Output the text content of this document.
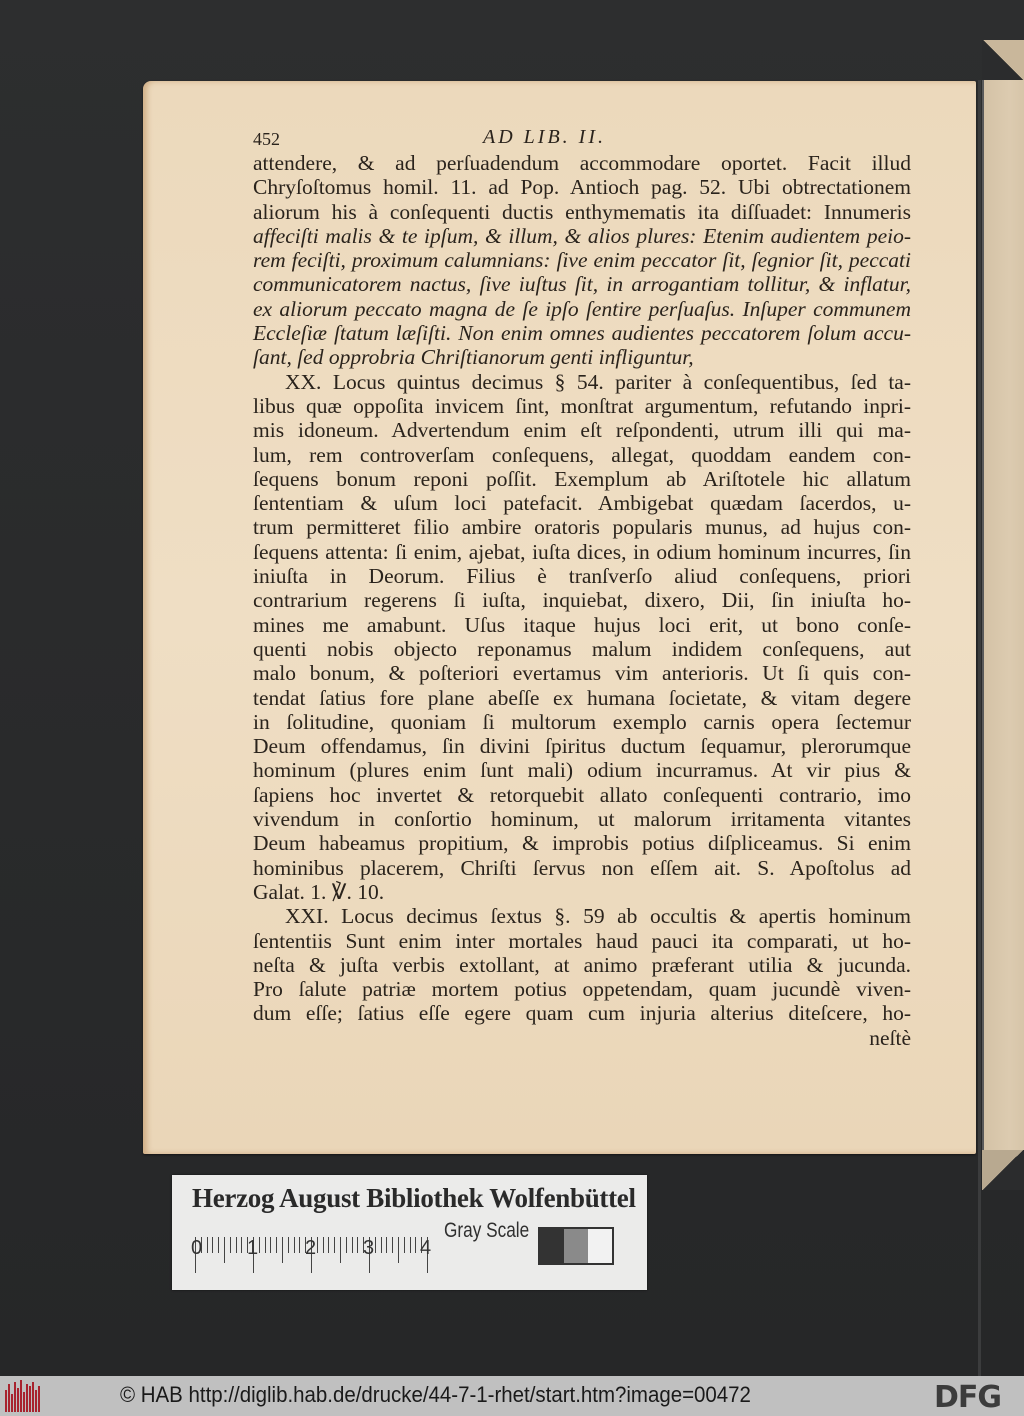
452	AD LIB. II.
attendere, & ad perſuadendum accommodare oportet. Facit illud
Chryſoſtomus homil. 11. ad Pop. Antioch pag. 52. Ubi obtrectationem
aliorum his à conſequenti ductis enthymematis ita diſſuadet: Innumeris
affeciſti malis & te ipſum, & illum, & alios plures: Etenim audientem peio-
rem feciſti, proximum calumnians: ſive enim peccator ſit, ſegnior ſit, peccati
communicatorem nactus, ſive iuſtus ſit, in arrogantiam tollitur, & inflatur,
ex aliorum peccato magna de ſe ipſo ſentire perſuaſus. Inſuper communem
Eccleſiæ ſtatum læſiſti. Non enim omnes audientes peccatorem ſolum accu-
ſant, ſed opprobria Chriſtianorum genti infliguntur,
XX. Locus quintus decimus § 54. pariter à conſequentibus, ſed ta-
libus quæ oppoſita invicem ſint, monſtrat argumentum, refutando inpri-
mis idoneum. Advertendum enim eſt reſpondenti, utrum illi qui ma-
lum, rem controverſam conſequens, allegat, quoddam eandem con-
ſequens bonum reponi poſſit. Exemplum ab Ariſtotele hic allatum
ſententiam & uſum loci patefacit. Ambigebat quædam ſacerdos, u-
trum permitteret filio ambire oratoris popularis munus, ad hujus con-
ſequens attenta: ſi enim, ajebat, iuſta dices, in odium hominum incurres, ſin
iniuſta in Deorum. Filius è tranſverſo aliud conſequens, priori
contrarium regerens ſi iuſta, inquiebat, dixero, Dii, ſin iniuſta ho-
mines me amabunt. Uſus itaque hujus loci erit, ut bono conſe-
quenti nobis objecto reponamus malum indidem conſequens, aut
malo bonum, & poſteriori evertamus vim anterioris. Ut ſi quis con-
tendat ſatius fore plane abeſſe ex humana ſocietate, & vitam degere
in ſolitudine, quoniam ſi multorum exemplo carnis opera ſectemur
Deum offendamus, ſin divini ſpiritus ductum ſequamur, plerorumque
hominum (plures enim ſunt mali) odium incurramus. At vir pius &
ſapiens hoc invertet & retorquebit allato conſequenti contrario, imo
vivendum in conſortio hominum, ut malorum irritamenta vitantes
Deum habeamus propitium, & improbis potius diſpliceamus. Si enim
hominibus placerem, Chriſti ſervus non eſſem ait. S. Apoſtolus ad
Galat. 1. ℣. 10.
XXI. Locus decimus ſextus §. 59 ab occultis & apertis hominum
ſententiis Sunt enim inter mortales haud pauci ita comparati, ut ho-
neſta & juſta verbis extollant, at animo præferant utilia & jucunda.
Pro ſalute patriæ mortem potius oppetendam, quam jucundè viven-
dum eſſe; ſatius eſſe egere quam cum injuria alterius diteſcere, ho-
neſtè
Herzog August Bibliothek Wolfenbüttel
0 1 2 3 4
Gray Scale
© HAB http://diglib.hab.de/drucke/44-7-1-rhet/start.htm?image=00472	DFG
